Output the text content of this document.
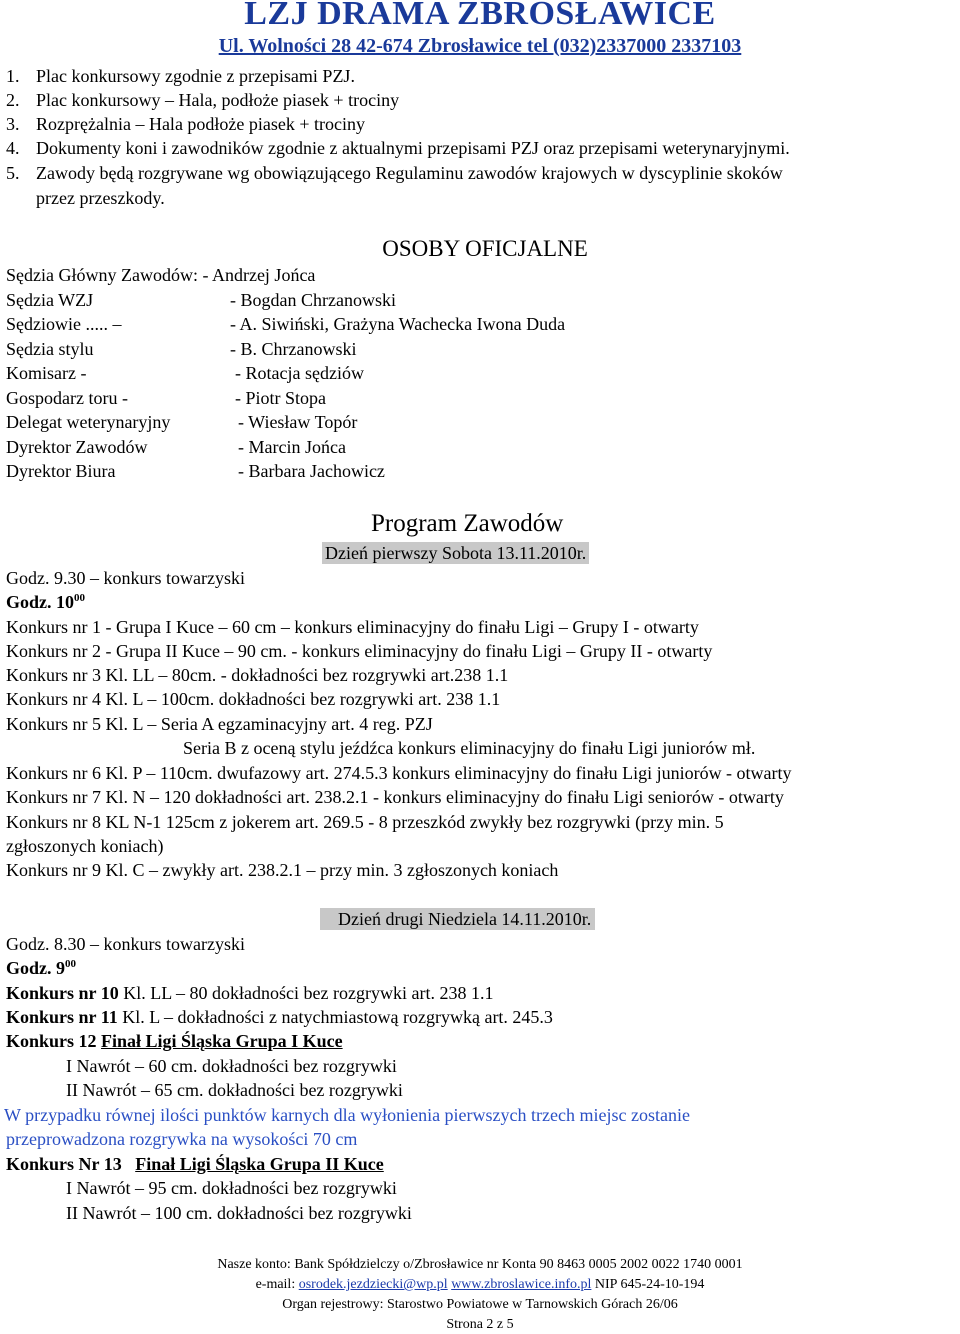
LZJ DRAMA ZBROSŁAWICE
Ul. Wolności 28 42-674 Zbrosławice tel (032)2337000 2337103
1. Plac konkursowy zgodnie z przepisami PZJ.
2. Plac konkursowy – Hala, podłoże piasek + trociny
3. Rozprężalnia – Hala podłoże piasek + trociny
4. Dokumenty koni i zawodników zgodnie z aktualnymi przepisami PZJ oraz przepisami weterynaryjnymi.
5. Zawody będą rozgrywane wg obowiązującego Regulaminu zawodów krajowych w dyscyplinie skoków
przez przeszkody.
OSOBY OFICJALNE
Sędzia Główny Zawodów: - Andrzej Jońca
Sędzia WZJ	- Bogdan Chrzanowski
Sędziowie ..... –	- A. Siwiński, Grażyna Wachecka Iwona Duda
Sędzia stylu	- B. Chrzanowski
Komisarz -	- Rotacja sędziów
Gospodarz toru -	- Piotr Stopa
Delegat weterynaryjny	- Wiesław Topór
Dyrektor Zawodów	- Marcin Jońca
Dyrektor Biura	- Barbara Jachowicz
Program Zawodów
Dzień pierwszy Sobota 13.11.2010r.
Godz. 9.30 – konkurs towarzyski
Godz. $10^{00}$
Konkurs nr 1 - Grupa I Kuce – 60 cm – konkurs eliminacyjny do finału Ligi – Grupy I - otwarty
Konkurs nr 2 - Grupa II Kuce – 90 cm. - konkurs eliminacyjny do finału Ligi – Grupy II - otwarty
Konkurs nr 3 Kl. LL – 80cm. - dokładności bez rozgrywki art.238 1.1
Konkurs nr 4 Kl. L – 100cm. dokładności bez rozgrywki art. 238 1.1
Konkurs nr 5 Kl. L – Seria A egzaminacyjny art. 4 reg. PZJ
Seria B z oceną stylu jeźdźca konkurs eliminacyjny do finału Ligi juniorów mł.
Konkurs nr 6 Kl. P – 110cm. dwufazowy art. 274.5.3 konkurs eliminacyjny do finału Ligi juniorów - otwarty
Konkurs nr 7 Kl. N – 120 dokładności art. 238.2.1 - konkurs eliminacyjny do finału Ligi seniorów - otwarty
Konkurs nr 8 KL N-1 125cm z jokerem art. 269.5 - 8 przeszkód zwykły bez rozgrywki (przy min. 5
zgłoszonych koniach)
Konkurs nr 9 Kl. C – zwykły art. 238.2.1 – przy min. 3 zgłoszonych koniach
Dzień drugi Niedziela 14.11.2010r.
Godz. 8.30 – konkurs towarzyski
Godz. $9^{00}$
Konkurs nr 10 Kl. LL – 80 dokładności bez rozgrywki art. 238 1.1
Konkurs nr 11 Kl. L – dokładności z natychmiastową rozgrywką art. 245.3
Konkurs 12 Finał Ligi Śląska Grupa I Kuce
I Nawrót – 60 cm. dokładności bez rozgrywki
II Nawrót – 65 cm. dokładności bez rozgrywki
W przypadku równej ilości punktów karnych dla wyłonienia pierwszych trzech miejsc zostanie
przeprowadzona rozgrywka na wysokości 70 cm
Konkurs Nr 13 Finał Ligi Śląska Grupa II Kuce
I Nawrót – 95 cm. dokładności bez rozgrywki
II Nawrót – 100 cm. dokładności bez rozgrywki
Nasze konto: Bank Spółdzielczy o/Zbrosławice nr Konta 90 8463 0005 2002 0022 1740 0001
e-mail: osrodek.jezdziecki@wp.pl www.zbroslawice.info.pl NIP 645-24-10-194
Organ rejestrowy: Starostwo Powiatowe w Tarnowskich Górach 26/06
Strona 2 z 5
